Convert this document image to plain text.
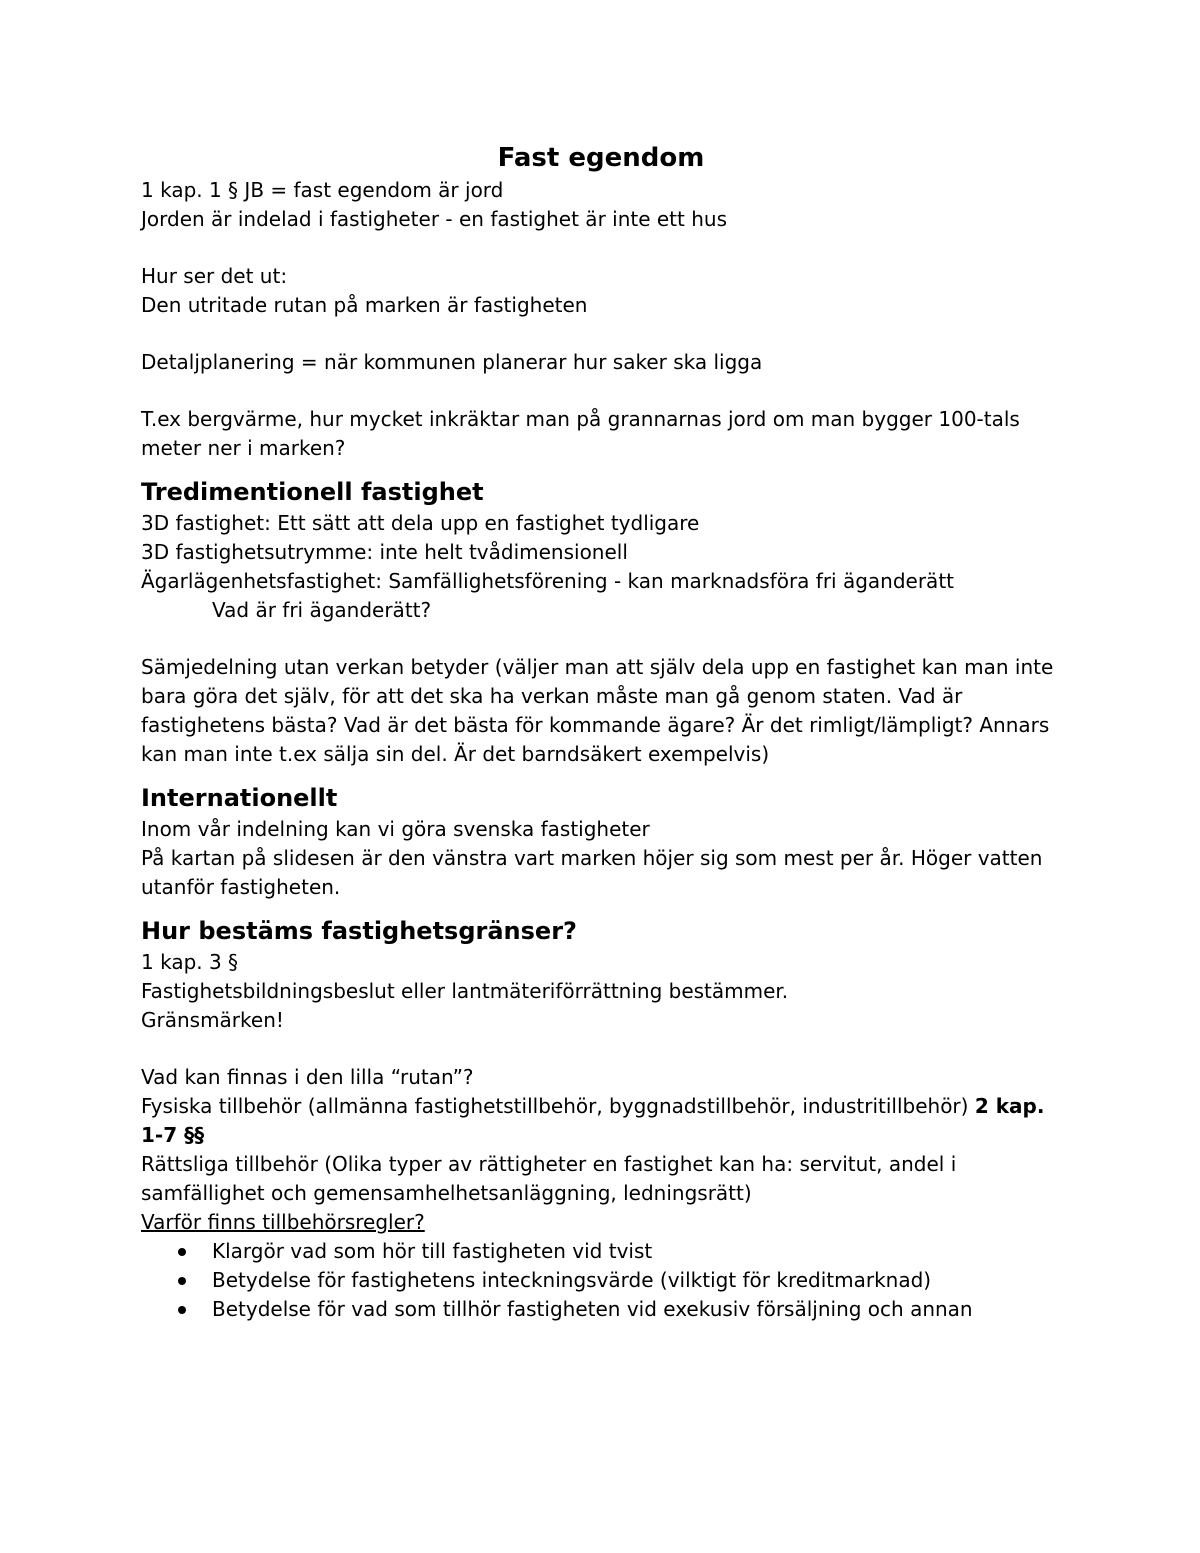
Fast egendom

1 kap. 1 § JB = fast egendom är jord

Jorden är indelad i fastigheter - en fastighet är inte ett hus

Hur ser det ut:

Den utritade rutan på marken är fastigheten

Detaljplanering = när kommunen planerar hur saker ska ligga

T.ex bergvärme, hur mycket inkräktar man på grannarnas jord om man bygger 100-tals meter ner i marken?

Tredimentionell fastighet

3D fastighet: Ett sätt att dela upp en fastighet tydligare

3D fastighetsutrymme: inte helt tvådimensionell

Ägarlägenhetsfastighet: Samfällighetsförening - kan marknadsföra fri äganderätt

Vad är fri äganderätt?

Sämjedelning utan verkan betyder (väljer man att själv dela upp en fastighet kan man inte bara göra det själv, för att det ska ha verkan måste man gå genom staten. Vad är fastighetens bästa? Vad är det bästa för kommande ägare? Är det rimligt/lämpligt? Annars kan man inte t.ex sälja sin del. Är det barndsäkert exempelvis)

Internationellt

Inom vår indelning kan vi göra svenska fastigheter

På kartan på slidesen är den vänstra vart marken höjer sig som mest per år. Höger vatten utanför fastigheten.

Hur bestäms fastighetsgränser?

1 kap. 3 §

Fastighetsbildningsbeslut eller lantmäteriförrättning bestämmer.

Gränsmärken!

Vad kan finnas i den lilla “rutan”?

Fysiska tillbehör (allmänna fastighetstillbehör, byggnadstillbehör, industritillbehör) 2 kap. 1-7 §§

Rättsliga tillbehör (Olika typer av rättigheter en fastighet kan ha: servitut, andel i samfällighet och gemensamhelhetsanläggning, ledningsrätt)

Varför finns tillbehörsregler?

Klargör vad som hör till fastigheten vid tvist
Betydelse för fastighetens inteckningsvärde (vilktigt för kreditmarknad)
Betydelse för vad som tillhör fastigheten vid exekusiv försäljning och annan
